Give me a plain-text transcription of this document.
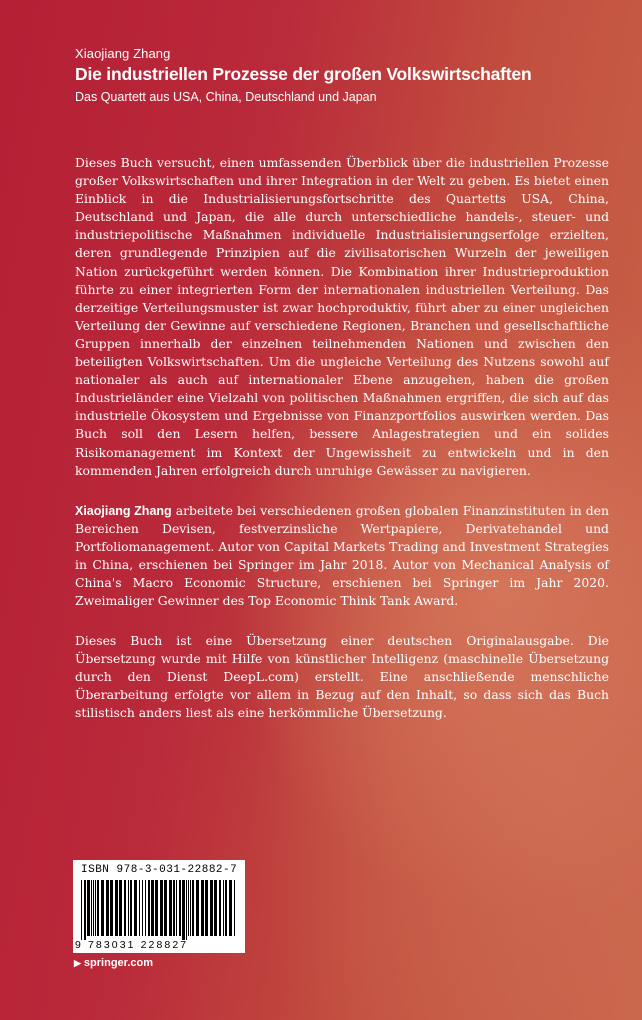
Xiaojiang Zhang
Die industriellen Prozesse der großen Volkswirtschaften
Das Quartett aus USA, China, Deutschland und Japan
Dieses Buch versucht, einen umfassenden Überblick über die industriellen Prozesse großer Volkswirtschaften und ihrer Integration in der Welt zu geben. Es bietet einen Einblick in die Industrialisierungsfortschritte des Quartetts USA, China, Deutschland und Japan, die alle durch unterschiedliche handels-, steuer- und industriepolitische Maßnahmen individuelle Industrialisierungserfolge erzielten, deren grundlegende Prinzipien auf die zivilisatorischen Wurzeln der jeweiligen Nation zurückgeführt werden können. Die Kombination ihrer Industrieproduktion führte zu einer integrierten Form der internationalen industriellen Verteilung. Das derzeitige Verteilungsmuster ist zwar hochproduktiv, führt aber zu einer ungleichen Verteilung der Gewinne auf verschiedene Regionen, Branchen und gesellschaftliche Gruppen innerhalb der einzelnen teilnehmenden Nationen und zwischen den beteiligten Volkswirtschaften. Um die ungleiche Verteilung des Nutzens sowohl auf nationaler als auch auf internationaler Ebene anzugehen, haben die großen Industrieländer eine Vielzahl von politischen Maßnahmen ergriffen, die sich auf das industrielle Ökosystem und Ergebnisse von Finanzportfolios auswirken werden. Das Buch soll den Lesern helfen, bessere Anlagestrategien und ein solides Risikomanagement im Kontext der Ungewissheit zu entwickeln und in den kommenden Jahren erfolgreich durch unruhige Gewässer zu navigieren.
Xiaojiang Zhang arbeitete bei verschiedenen großen globalen Finanzinstituten in den Bereichen Devisen, festverzinsliche Wertpapiere, Derivatehandel und Portfoliomanagement. Autor von Capital Markets Trading and Investment Strategies in China, erschienen bei Springer im Jahr 2018. Autor von Mechanical Analysis of China's Macro Economic Structure, erschienen bei Springer im Jahr 2020. Zweimaliger Gewinner des Top Economic Think Tank Award.
Dieses Buch ist eine Übersetzung einer deutschen Originalausgabe. Die Übersetzung wurde mit Hilfe von künstlicher Intelligenz (maschinelle Übersetzung durch den Dienst DeepL.com) erstellt. Eine anschließende menschliche Überarbeitung erfolgte vor allem in Bezug auf den Inhalt, so dass sich das Buch stilistisch anders liest als eine herkömmliche Übersetzung.
ISBN 978-3-031-22882-7
9 783031 228827
▶ springer.com
